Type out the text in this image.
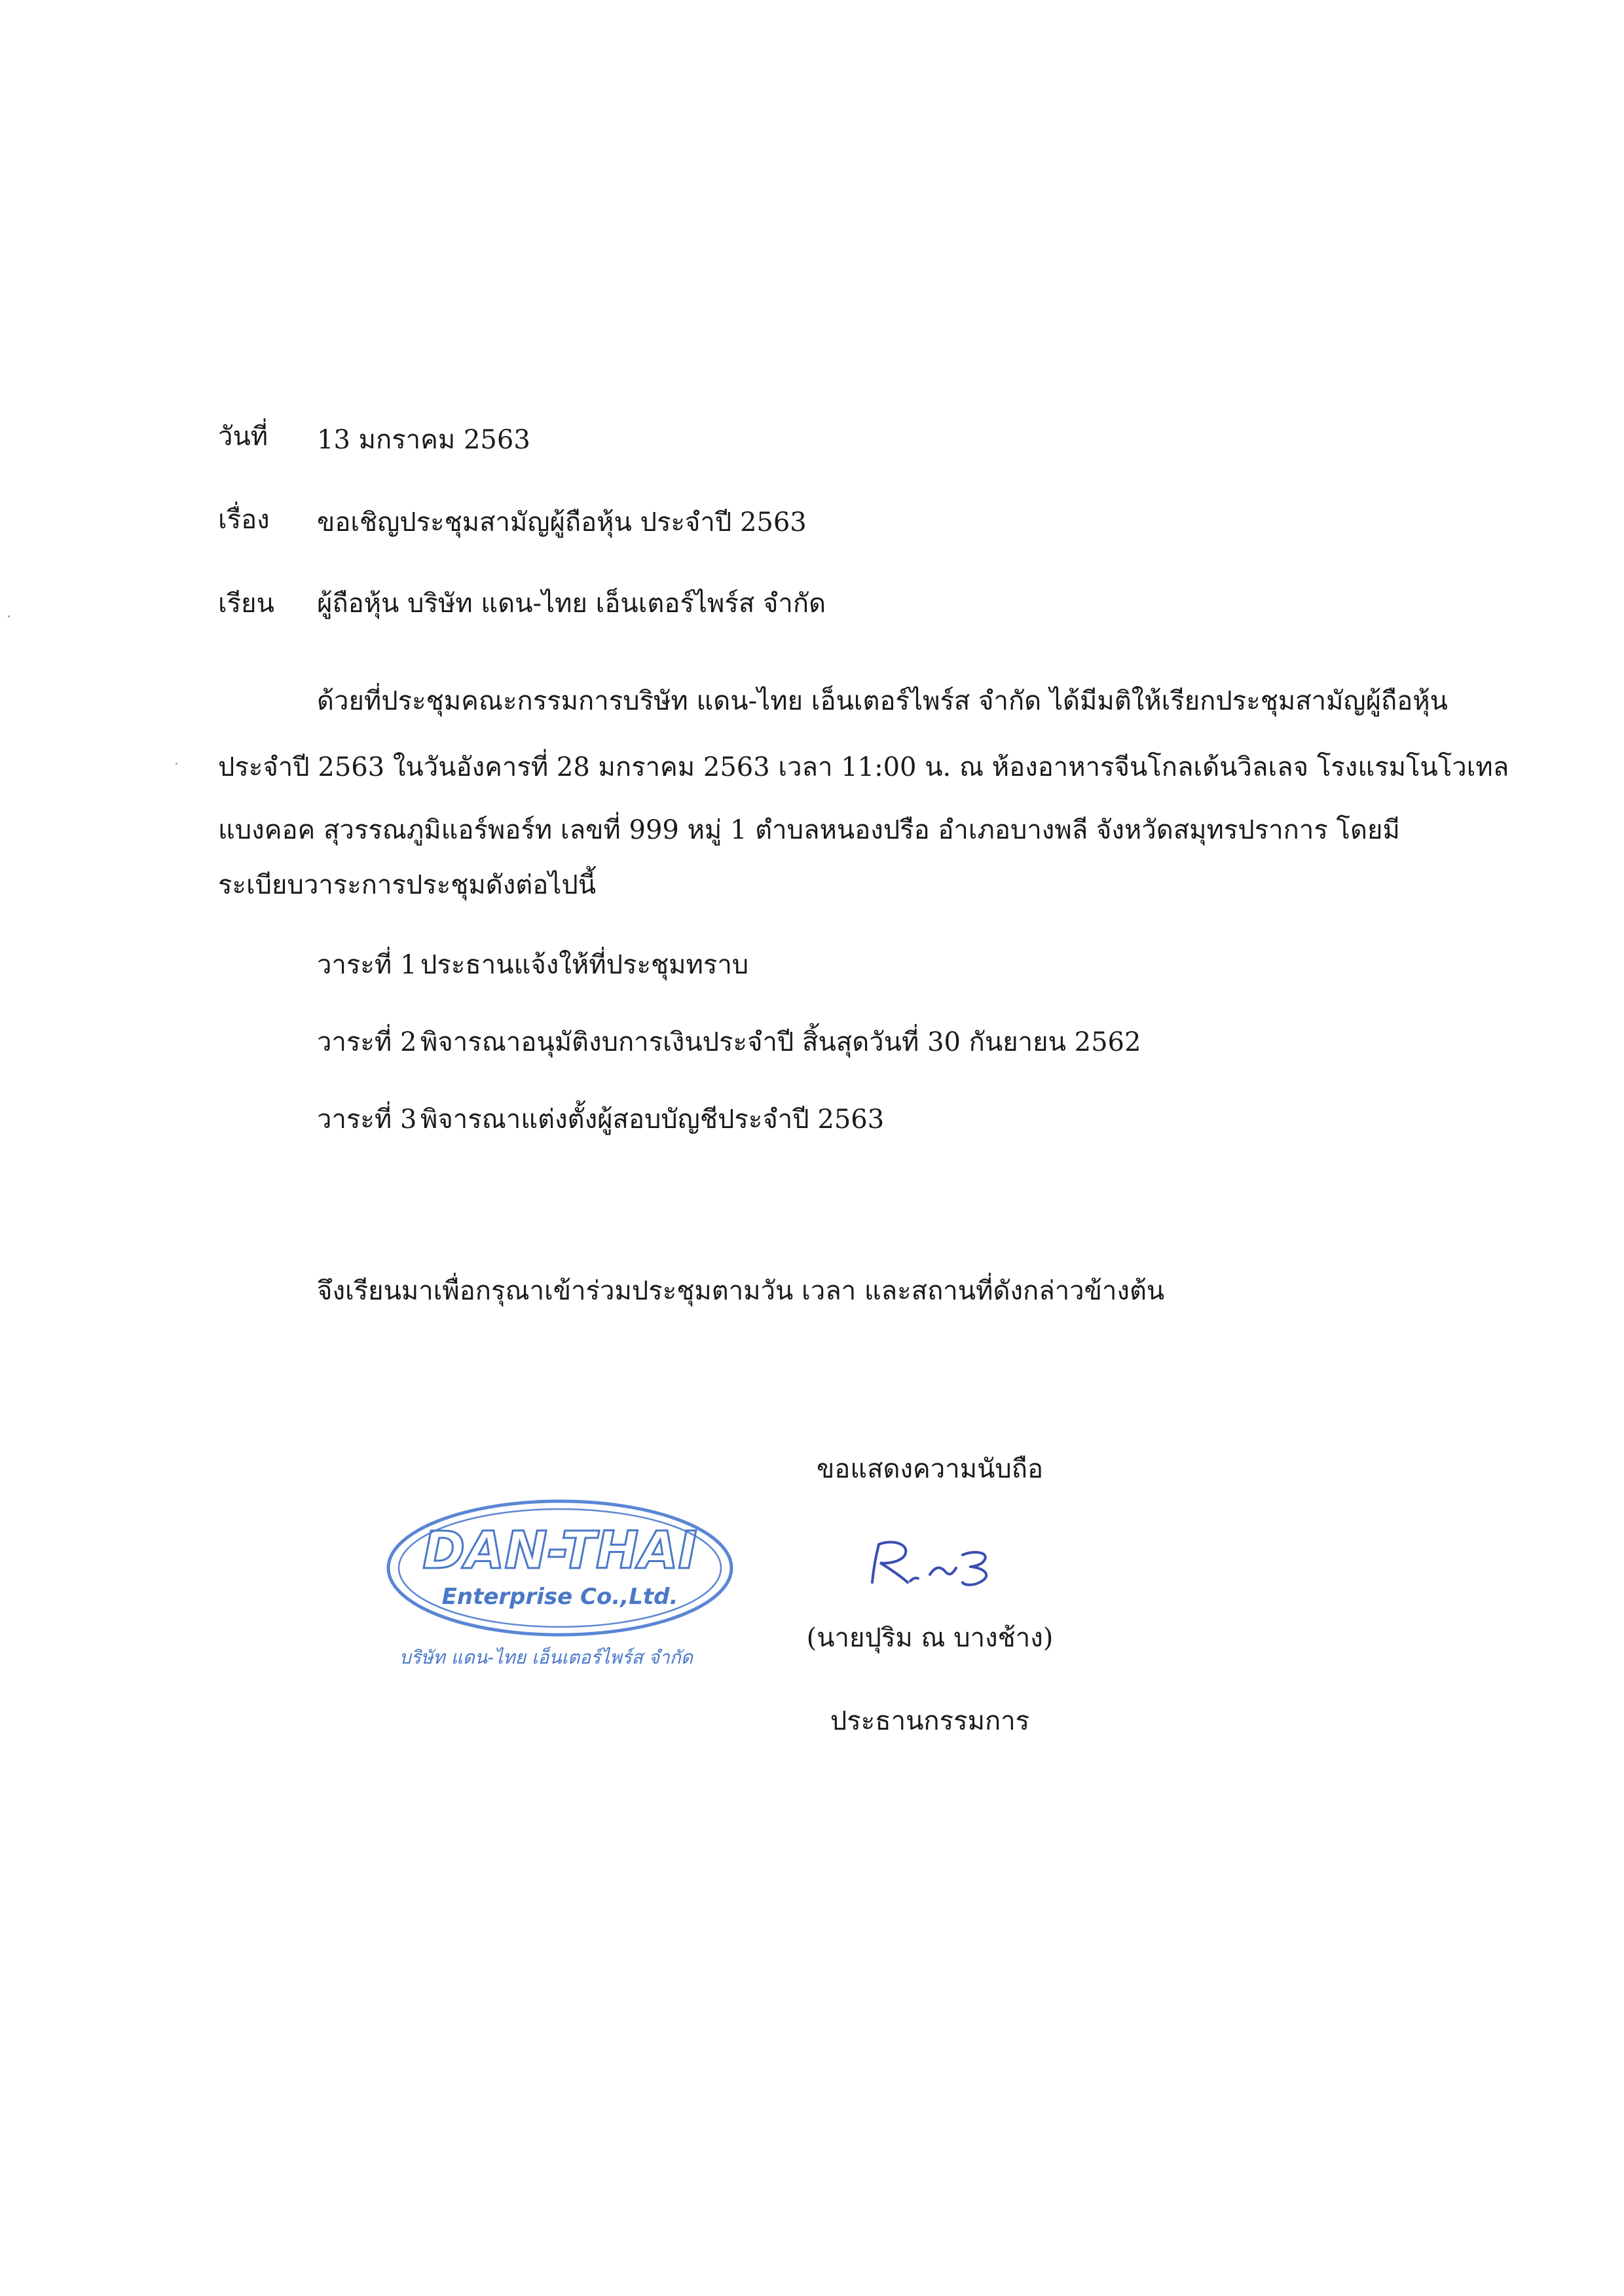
วันที่ 13 มกราคม 2563
เรื่อง ขอเชิญประชุมสามัญผู้ถือหุ้น ประจำปี 2563
เรียน ผู้ถือหุ้น บริษัท แดน-ไทย เอ็นเตอร์ไพร์ส จำกัด
ด้วยที่ประชุมคณะกรรมการบริษัท แดน-ไทย เอ็นเตอร์ไพร์ส จำกัด ได้มีมติให้เรียกประชุมสามัญผู้ถือหุ้น
ประจำปี 2563 ในวันอังคารที่ 28 มกราคม 2563 เวลา 11:00 น. ณ ห้องอาหารจีนโกลเด้นวิลเลจ โรงแรมโนโวเทล
แบงคอค สุวรรณภูมิแอร์พอร์ท เลขที่ 999 หมู่ 1 ตำบลหนองปรือ อำเภอบางพลี จังหวัดสมุทรปราการ โดยมี
ระเบียบวาระการประชุมดังต่อไปนี้
วาระที่ 1 ประธานแจ้งให้ที่ประชุมทราบ
วาระที่ 2 พิจารณาอนุมัติงบการเงินประจำปี สิ้นสุดวันที่ 30 กันยายน 2562
วาระที่ 3 พิจารณาแต่งตั้งผู้สอบบัญชีประจำปี 2563
จึงเรียนมาเพื่อกรุณาเข้าร่วมประชุมตามวัน เวลา และสถานที่ดังกล่าวข้างต้น
ขอแสดงความนับถือ
(นายปุริม ณ บางช้าง)
ประธานกรรมการ
DAN-THAI
Enterprise Co.,Ltd.
บริษัท แดน-ไทย เอ็นเตอร์ไพร์ส จำกัด
